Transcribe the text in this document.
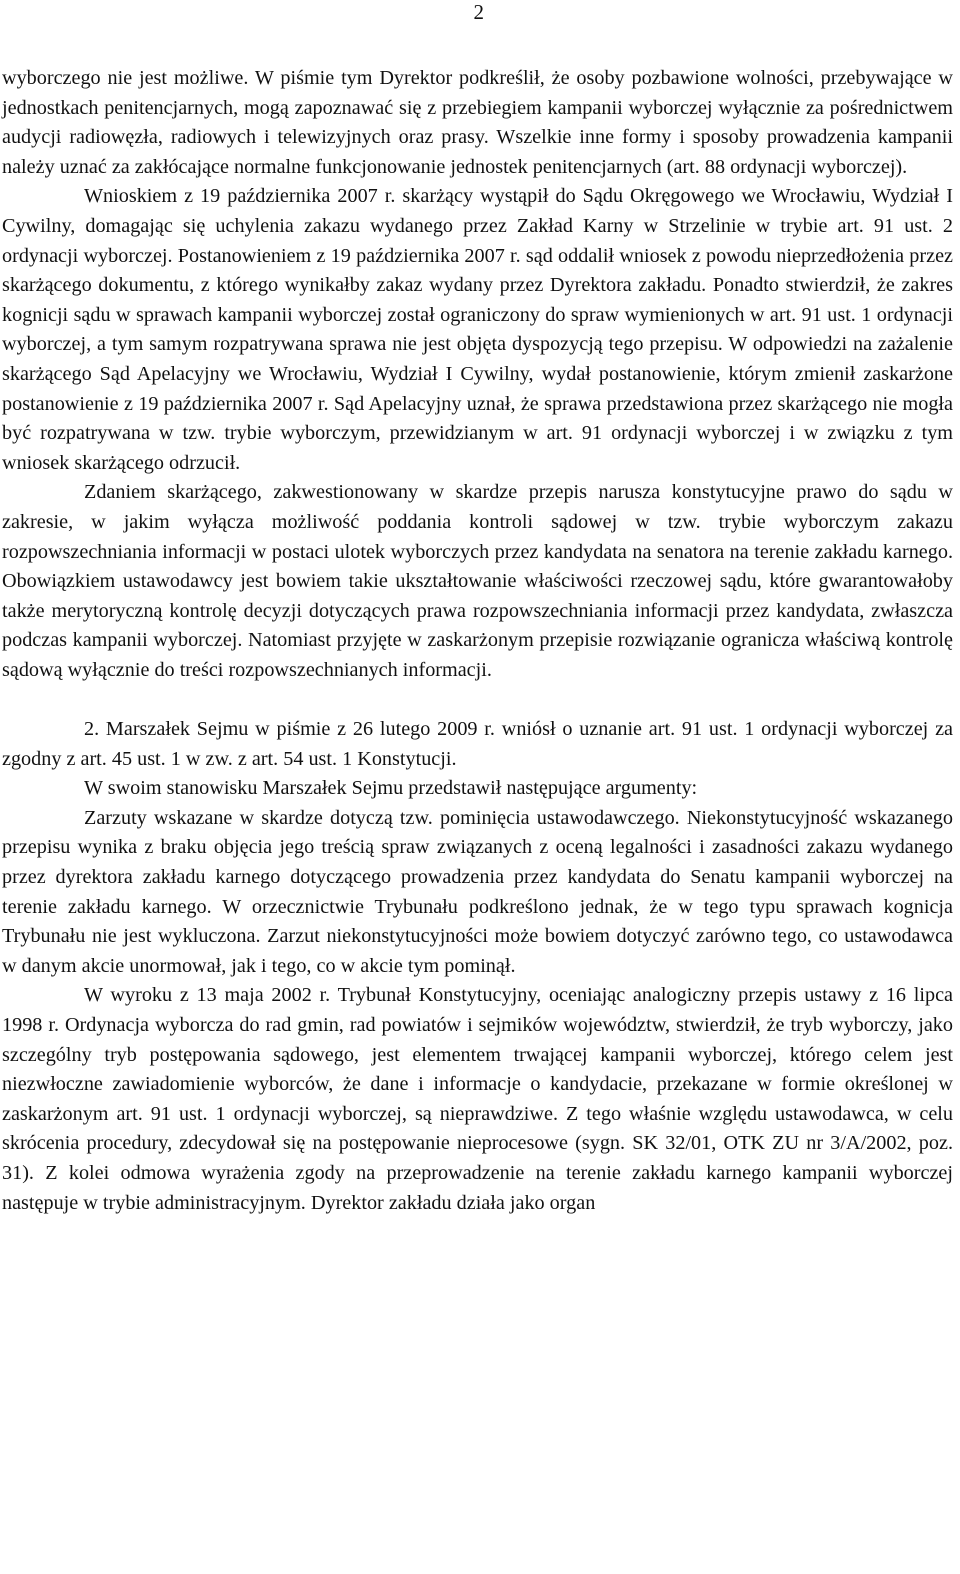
2

wyborczego nie jest możliwe. W piśmie tym Dyrektor podkreślił, że osoby pozbawione wolności, przebywające w jednostkach penitencjarnych, mogą zapoznawać się z przebiegiem kampanii wyborczej wyłącznie za pośrednictwem audycji radiowęzła, radiowych i telewizyjnych oraz prasy. Wszelkie inne formy i sposoby prowadzenia kampanii należy uznać za zakłócające normalne funkcjonowanie jednostek penitencjarnych (art. 88 ordynacji wyborczej).

Wnioskiem z 19 października 2007 r. skarżący wystąpił do Sądu Okręgowego we Wrocławiu, Wydział I Cywilny, domagając się uchylenia zakazu wydanego przez Zakład Karny w Strzelinie w trybie art. 91 ust. 2 ordynacji wyborczej. Postanowieniem z 19 października 2007 r. sąd oddalił wniosek z powodu nieprzedłożenia przez skarżącego dokumentu, z którego wynikałby zakaz wydany przez Dyrektora zakładu. Ponadto stwierdził, że zakres kognicji sądu w sprawach kampanii wyborczej został ograniczony do spraw wymienionych w art. 91 ust. 1 ordynacji wyborczej, a tym samym rozpatrywana sprawa nie jest objęta dyspozycją tego przepisu. W odpowiedzi na zażalenie skarżącego Sąd Apelacyjny we Wrocławiu, Wydział I Cywilny, wydał postanowienie, którym zmienił zaskarżone postanowienie z 19 października 2007 r. Sąd Apelacyjny uznał, że sprawa przedstawiona przez skarżącego nie mogła być rozpatrywana w tzw. trybie wyborczym, przewidzianym w art. 91 ordynacji wyborczej i w związku z tym wniosek skarżącego odrzucił.

Zdaniem skarżącego, zakwestionowany w skardze przepis narusza konstytucyjne prawo do sądu w zakresie, w jakim wyłącza możliwość poddania kontroli sądowej w tzw. trybie wyborczym zakazu rozpowszechniania informacji w postaci ulotek wyborczych przez kandydata na senatora na terenie zakładu karnego. Obowiązkiem ustawodawcy jest bowiem takie ukształtowanie właściwości rzeczowej sądu, które gwarantowałoby także merytoryczną kontrolę decyzji dotyczących prawa rozpowszechniania informacji przez kandydata, zwłaszcza podczas kampanii wyborczej. Natomiast przyjęte w zaskarżonym przepisie rozwiązanie ogranicza właściwą kontrolę sądową wyłącznie do treści rozpowszechnianych informacji.

2. Marszałek Sejmu w piśmie z 26 lutego 2009 r. wniósł o uznanie art. 91 ust. 1 ordynacji wyborczej za zgodny z art. 45 ust. 1 w zw. z art. 54 ust. 1 Konstytucji.

W swoim stanowisku Marszałek Sejmu przedstawił następujące argumenty:

Zarzuty wskazane w skardze dotyczą tzw. pominięcia ustawodawczego. Niekonstytucyjność wskazanego przepisu wynika z braku objęcia jego treścią spraw związanych z oceną legalności i zasadności zakazu wydanego przez dyrektora zakładu karnego dotyczącego prowadzenia przez kandydata do Senatu kampanii wyborczej na terenie zakładu karnego. W orzecznictwie Trybunału podkreślono jednak, że w tego typu sprawach kognicja Trybunału nie jest wykluczona. Zarzut niekonstytucyjności może bowiem dotyczyć zarówno tego, co ustawodawca w danym akcie unormował, jak i tego, co w akcie tym pominął.

W wyroku z 13 maja 2002 r. Trybunał Konstytucyjny, oceniając analogiczny przepis ustawy z 16 lipca 1998 r. Ordynacja wyborcza do rad gmin, rad powiatów i sejmików województw, stwierdził, że tryb wyborczy, jako szczególny tryb postępowania sądowego, jest elementem trwającej kampanii wyborczej, którego celem jest niezwłoczne zawiadomienie wyborców, że dane i informacje o kandydacie, przekazane w formie określonej w zaskarżonym art. 91 ust. 1 ordynacji wyborczej, są nieprawdziwe. Z tego właśnie względu ustawodawca, w celu skrócenia procedury, zdecydował się na postępowanie nieprocesowe (sygn. SK 32/01, OTK ZU nr 3/A/2002, poz. 31). Z kolei odmowa wyrażenia zgody na przeprowadzenie na terenie zakładu karnego kampanii wyborczej następuje w trybie administracyjnym. Dyrektor zakładu działa jako organ
